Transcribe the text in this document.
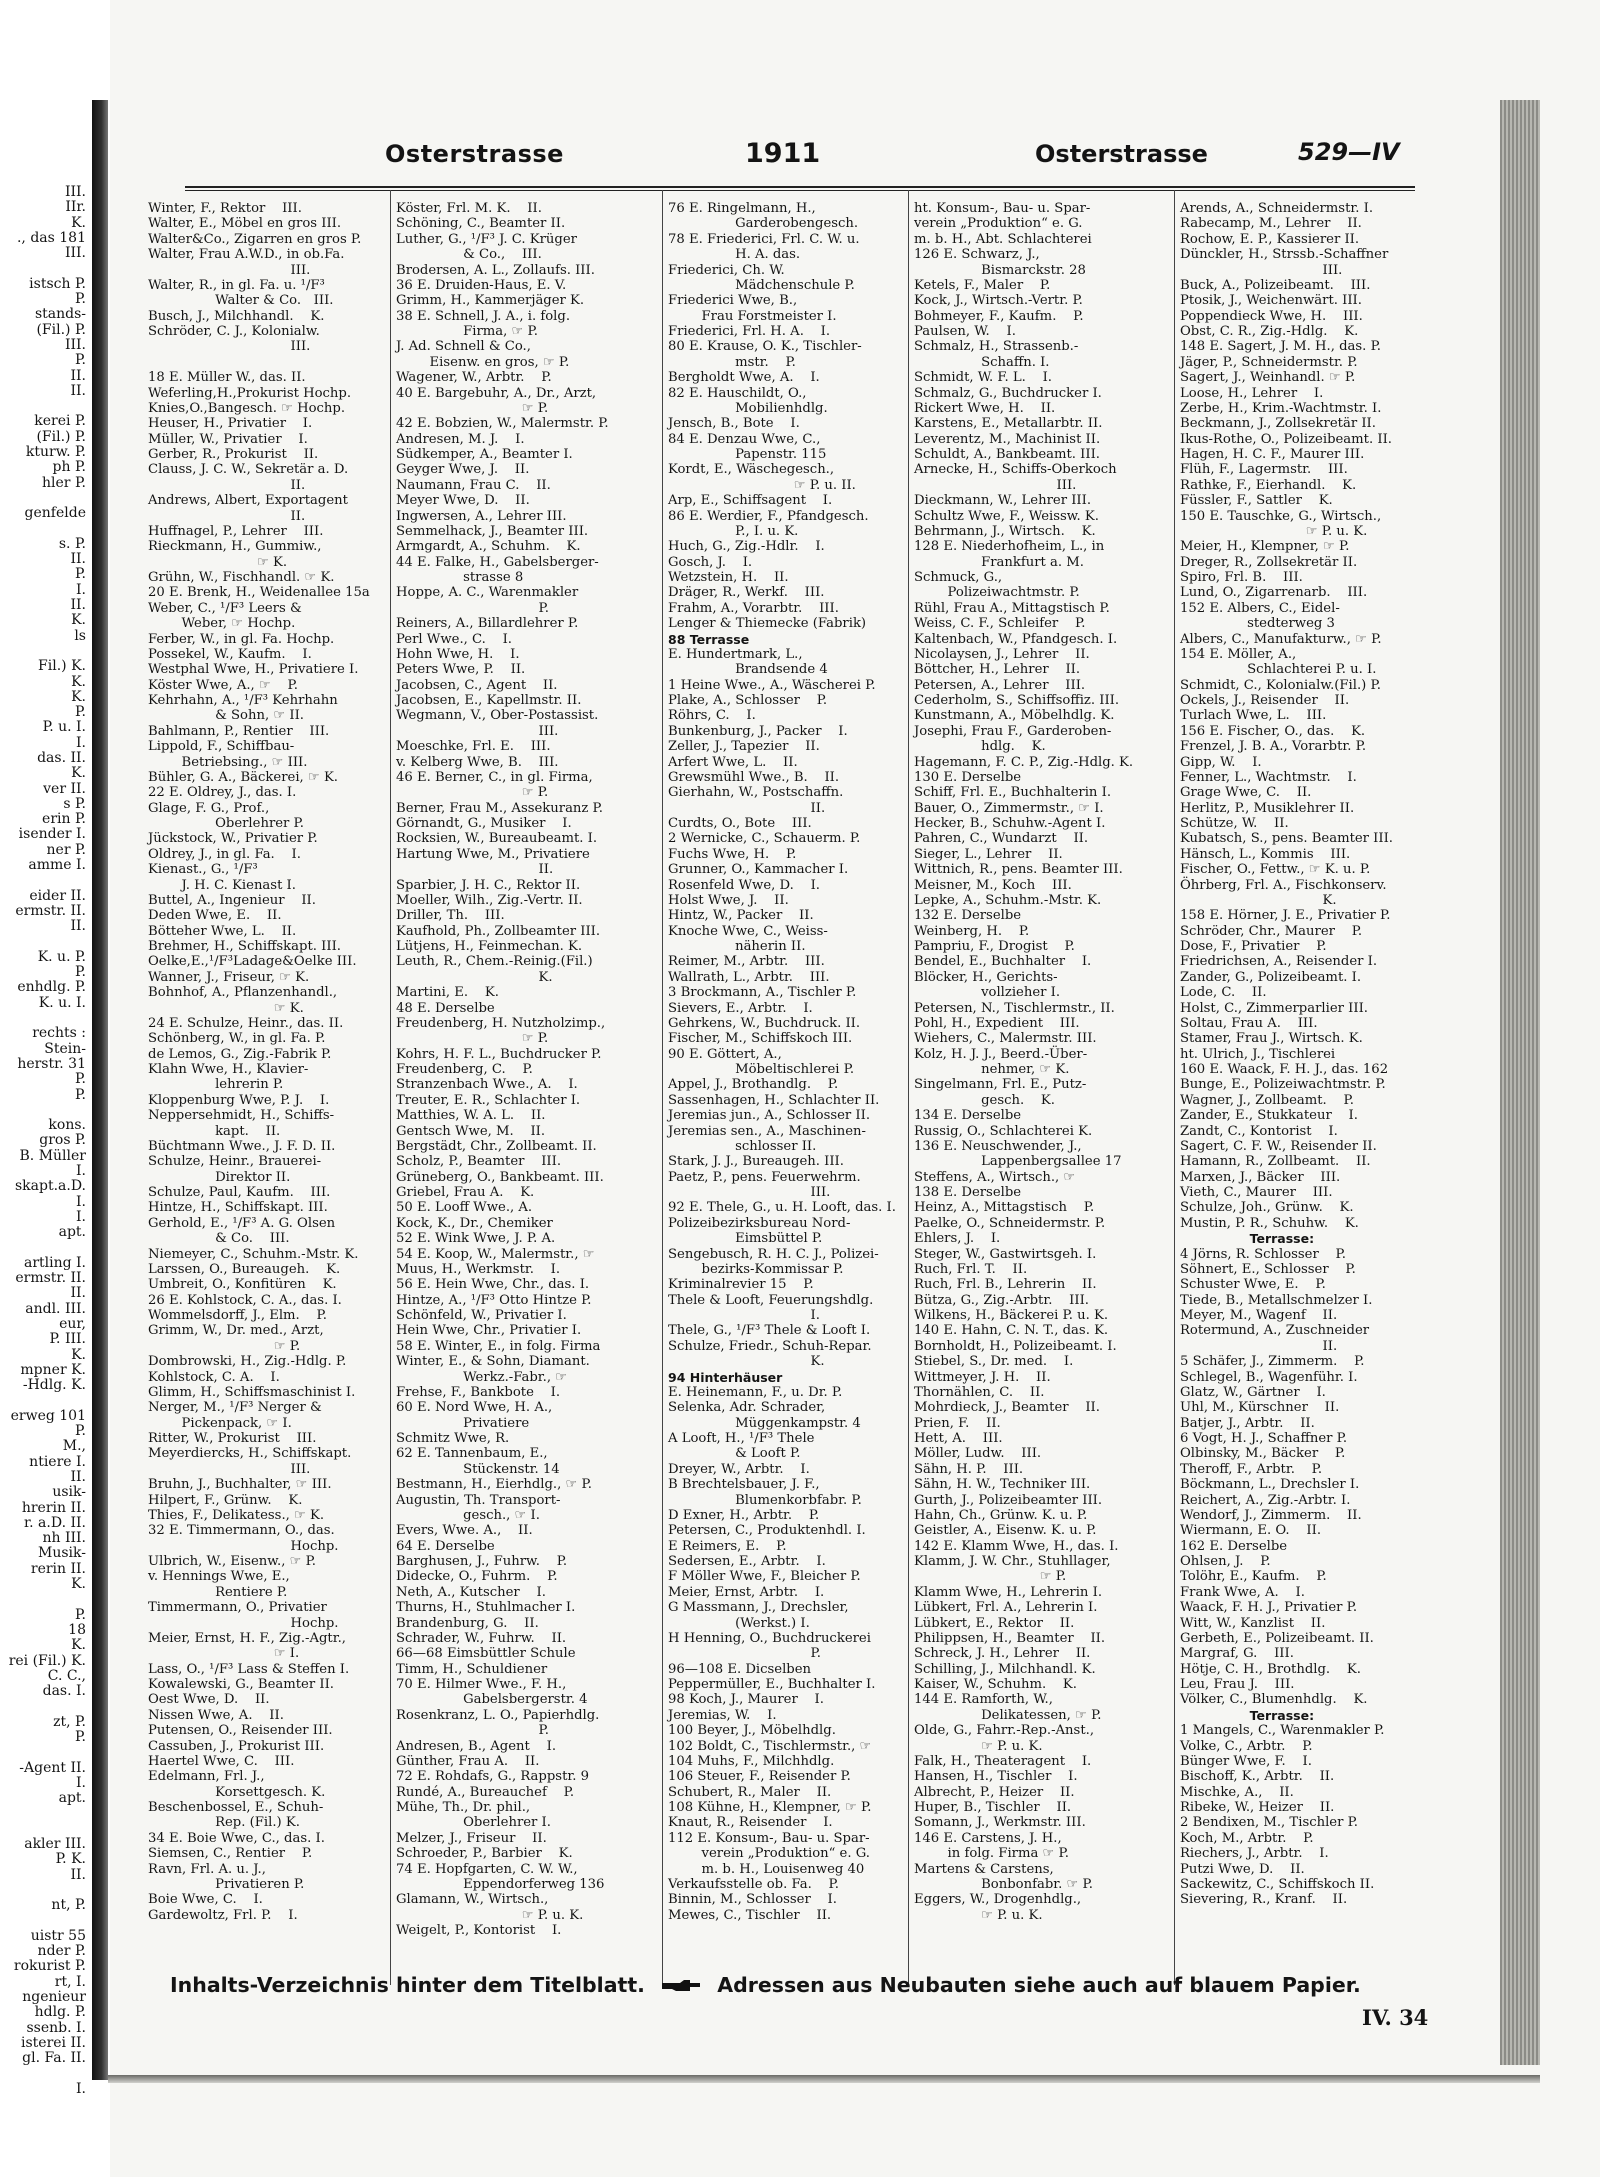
III.
IIr.
K.
., das 181
III.

istsch P.
P.
stands-
(Fil.) P.
III.
P.
II.
II.

kerei P.
(Fil.) P.
kturw. P.
ph P.
hler P.

genfelde

s. P.
II.
P.
I.
II.
K.
ls

Fil.) K.
K.
K.
P.
P. u. I.
I.
das. II.
K.
ver II.
s P.
erin P.
isender I.
ner P.
amme I.

eider II.
ermstr. II.
II.

K. u. P.
P.
enhdlg. P.
K. u. I.

rechts :
Stein-
herstr. 31
P.
P.

kons.
gros P.
B. Müller
I.
skapt.a.D.
I.
I.
apt.

artling I.
ermstr. II.
II.
andl. III.
eur,
P. III.
K.
mpner K.
-Hdlg. K.

erweg 101
P.
M.,
ntiere I.
II.
usik-
hrerin II.
r. a.D. II.
nh III.
Musik-
rerin II.
K.

P.
18
K.
rei (Fil.) K.
C. C.,
das. I.

zt, P.
P.

-Agent II.
I.
apt.

akler III.
P. K.
II.

nt, P.

uistr 55
nder P.
rokurist P.
rt, I.
ngenieur
hdlg. P.
ssenb. I.
isterei II.
gl. Fa. II.

I.
Osterstrasse	1911	Osterstrasse	529—IV
Winter, F., Rektor    III.
Walter, E., Möbel en gros III.
Walter&Co., Zigarren en gros P.
Walter, Frau A.W.D., in ob.Fa.
III.
Walter, R., in gl. Fa. u. ¹/F³
Walter & Co.   III.
Busch, J., Milchhandl.    K.
Schröder, C. J., Kolonialw.
III.

18 E. Müller W., das. II.
Weferling,H.,Prokurist Hochp.
Knies,O.,Bangesch. ☞ Hochp.
Heuser, H., Privatier    I.
Müller, W., Privatier    I.
Gerber, R., Prokurist    II.
Clauss, J. C. W., Sekretär a. D.
II.
Andrews, Albert, Exportagent
II.
Huffnagel, P., Lehrer    III.
Rieckmann, H., Gummiw.,
☞ K.
Grühn, W., Fischhandl. ☞ K.
20 E. Brenk, H., Weidenallee 15a
Weber, C., ¹/F³ Leers &
Weber, ☞ Hochp.
Ferber, W., in gl. Fa. Hochp.
Possekel, W., Kaufm.    I.
Westphal Wwe, H., Privatiere I.
Köster Wwe, A., ☞    P.
Kehrhahn, A., ¹/F³ Kehrhahn
& Sohn, ☞ II.
Bahlmann, P., Rentier    III.
Lippold, F., Schiffbau-
Betriebsing., ☞ III.
Bühler, G. A., Bäckerei, ☞ K.
22 E. Oldrey, J., das. I.
Glage, F. G., Prof.,
Oberlehrer P.
Jückstock, W., Privatier P.
Oldrey, J., in gl. Fa.    I.
Kienast., G., ¹/F³
J. H. C. Kienast I.
Buttel, A., Ingenieur    II.
Deden Wwe, E.    II.
Bötteher Wwe, L.    II.
Brehmer, H., Schiffskapt. III.
Oelke,E.,¹/F³Ladage&Oelke III.
Wanner, J., Friseur, ☞ K.
Bohnhof, A., Pflanzenhandl.,
☞ K.
24 E. Schulze, Heinr., das. II.
Schönberg, W., in gl. Fa. P.
de Lemos, G., Zig.-Fabrik P.
Klahn Wwe, H., Klavier-
lehrerin P.
Kloppenburg Wwe, P. J.    I.
Neppersehmidt, H., Schiffs-
kapt.    II.
Büchtmann Wwe., J. F. D. II.
Schulze, Heinr., Brauerei-
Direktor II.
Schulze, Paul, Kaufm.    III.
Hintze, H., Schiffskapt. III.
Gerhold, E., ¹/F³ A. G. Olsen
& Co.    III.
Niemeyer, C., Schuhm.-Mstr. K.
Larssen, O., Bureaugeh.    K.
Umbreit, O., Konfitüren    K.
26 E. Kohlstock, C. A., das. I.
Wommelsdorff, J., Elm.    P.
Grimm, W., Dr. med., Arzt,
☞ P.
Dombrowski, H., Zig.-Hdlg. P.
Kohlstock, C. A.    I.
Glimm, H., Schiffsmaschinist I.
Nerger, M., ¹/F³ Nerger &
Pickenpack, ☞ I.
Ritter, W., Prokurist    III.
Meyerdiercks, H., Schiffskapt.
III.
Bruhn, J., Buchhalter, ☞ III.
Hilpert, F., Grünw.    K.
Thies, F., Delikatess., ☞ K.
32 E. Timmermann, O., das.
Hochp.
Ulbrich, W., Eisenw., ☞ P.
v. Hennings Wwe, E.,
Rentiere P.
Timmermann, O., Privatier
Hochp.
Meier, Ernst, H. F., Zig.-Agtr.,
☞ I.
Lass, O., ¹/F³ Lass & Steffen I.
Kowalewski, G., Beamter II.
Oest Wwe, D.    II.
Nissen Wwe, A.    II.
Putensen, O., Reisender III.
Cassuben, J., Prokurist III.
Haertel Wwe, C.    III.
Edelmann, Frl. J.,
Korsettgesch. K.
Beschenbossel, E., Schuh-
Rep. (Fil.) K.
34 E. Boie Wwe, C., das. I.
Siemsen, C., Rentier    P.
Ravn, Frl. A. u. J.,
Privatieren P.
Boie Wwe, C.    I.
Gardewoltz, Frl. P.    I.
Köster, Frl. M. K.    II.
Schöning, C., Beamter II.
Luther, G., ¹/F³ J. C. Krüger
& Co.,    III.
Brodersen, A. L., Zollaufs. III.
36 E. Druiden-Haus, E. V.
Grimm, H., Kammerjäger K.
38 E. Schnell, J. A., i. folg.
Firma, ☞ P.
J. Ad. Schnell & Co.,
Eisenw. en gros, ☞ P.
Wagener, W., Arbtr.    P.
40 E. Bargebuhr, A., Dr., Arzt,
☞ P.
42 E. Bobzien, W., Malermstr. P.
Andresen, M. J.    I.
Südkemper, A., Beamter I.
Geyger Wwe, J.    II.
Naumann, Frau C.    II.
Meyer Wwe, D.    II.
Ingwersen, A., Lehrer III.
Semmelhack, J., Beamter III.
Armgardt, A., Schuhm.    K.
44 E. Falke, H., Gabelsberger-
strasse 8
Hoppe, A. C., Warenmakler
P.
Reiners, A., Billardlehrer P.
Perl Wwe., C.    I.
Hohn Wwe, H.    I.
Peters Wwe, P.    II.
Jacobsen, C., Agent    II.
Jacobsen, E., Kapellmstr. II.
Wegmann, V., Ober-Postassist.
III.
Moeschke, Frl. E.    III.
v. Kelberg Wwe, B.    III.
46 E. Berner, C., in gl. Firma,
☞ P.
Berner, Frau M., Assekuranz P.
Görnandt, G., Musiker    I.
Rocksien, W., Bureaubeamt. I.
Hartung Wwe, M., Privatiere
II.
Sparbier, J. H. C., Rektor II.
Moeller, Wilh., Zig.-Vertr. II.
Driller, Th.    III.
Kaufhold, Ph., Zollbeamter III.
Lütjens, H., Feinmechan. K.
Leuth, R., Chem.-Reinig.(Fil.)
K.
Martini, E.    K.
48 E. Derselbe
Freudenberg, H. Nutzholzimp.,
☞ P.
Kohrs, H. F. L., Buchdrucker P.
Freudenberg, C.    P.
Stranzenbach Wwe., A.    I.
Treuter, E. R., Schlachter I.
Matthies, W. A. L.    II.
Gentsch Wwe, M.    II.
Bergstädt, Chr., Zollbeamt. II.
Scholz, P., Beamter    III.
Grüneberg, O., Bankbeamt. III.
Griebel, Frau A.    K.
50 E. Looff Wwe., A.
Kock, K., Dr., Chemiker
52 E. Wink Wwe, J. P. A.
54 E. Koop, W., Malermstr., ☞
Muus, H., Werkmstr.    I.
56 E. Hein Wwe, Chr., das. I.
Hintze, A., ¹/F³ Otto Hintze P.
Schönfeld, W., Privatier I.
Hein Wwe, Chr., Privatier I.
58 E. Winter, E., in folg. Firma
Winter, E., & Sohn, Diamant.
Werkz.-Fabr., ☞
Frehse, F., Bankbote    I.
60 E. Nord Wwe, H. A.,
Privatiere
Schmitz Wwe, R.
62 E. Tannenbaum, E.,
Stückenstr. 14
Bestmann, H., Eierhdlg., ☞ P.
Augustin, Th. Transport-
gesch., ☞ I.
Evers, Wwe. A.,    II.
64 E. Derselbe
Barghusen, J., Fuhrw.    P.
Didecke, O., Fuhrm.    P.
Neth, A., Kutscher    I.
Thurns, H., Stuhlmacher I.
Brandenburg, G.    II.
Schrader, W., Fuhrw.    II.
66—68 Eimsbüttler Schule
Timm, H., Schuldiener
70 E. Hilmer Wwe., F. H.,
Gabelsbergerstr. 4
Rosenkranz, L. O., Papierhdlg.
P.
Andresen, B., Agent    I.
Günther, Frau A.    II.
72 E. Rohdafs, G., Rappstr. 9
Rundé, A., Bureauchef    P.
Mühe, Th., Dr. phil.,
Oberlehrer I.
Melzer, J., Friseur    II.
Schroeder, P., Barbier    K.
74 E. Hopfgarten, C. W. W.,
Eppendorferweg 136
Glamann, W., Wirtsch.,
☞ P. u. K.
Weigelt, P., Kontorist    I.
76 E. Ringelmann, H.,
Garderobengesch.
78 E. Friederici, Frl. C. W. u.
H. A. das.
Friederici, Ch. W.
Mädchenschule P.
Friederici Wwe, B.,
Frau Forstmeister I.
Friederici, Frl. H. A.    I.
80 E. Krause, O. K., Tischler-
mstr.    P.
Bergholdt Wwe, A.    I.
82 E. Hauschildt, O.,
Mobilienhdlg.
Jensch, B., Bote    I.
84 E. Denzau Wwe, C.,
Papenstr. 115
Kordt, E., Wäschegesch.,
☞ P. u. II.
Arp, E., Schiffsagent    I.
86 E. Werdier, F., Pfandgesch.
P., I. u. K.
Huch, G., Zig.-Hdlr.    I.
Gosch, J.    I.
Wetzstein, H.    II.
Dräger, R., Werkf.    III.
Frahm, A., Vorarbtr.    III.
Lenger & Thiemecke (Fabrik)
88 Terrasse
E. Hundertmark, L.,
Brandsende 4
1 Heine Wwe., A., Wäscherei P.
Plake, A., Schlosser    P.
Röhrs, C.    I.
Bunkenburg, J., Packer    I.
Zeller, J., Tapezier    II.
Arfert Wwe, L.    II.
Grewsmühl Wwe., B.    II.
Gierhahn, W., Postschaffn.
II.
Curdts, O., Bote    III.
2 Wernicke, C., Schauerm. P.
Fuchs Wwe, H.    P.
Grunner, O., Kammacher I.
Rosenfeld Wwe, D.    I.
Holst Wwe, J.    II.
Hintz, W., Packer    II.
Knoche Wwe, C., Weiss-
näherin II.
Reimer, M., Arbtr.    III.
Wallrath, L., Arbtr.    III.
3 Brockmann, A., Tischler P.
Sievers, E., Arbtr.    I.
Gehrkens, W., Buchdruck. II.
Fischer, M., Schiffskoch III.
90 E. Göttert, A.,
Möbeltischlerei P.
Appel, J., Brothandlg.    P.
Sassenhagen, H., Schlachter II.
Jeremias jun., A., Schlosser II.
Jeremias sen., A., Maschinen-
schlosser II.
Stark, J. J., Bureaugeh. III.
Paetz, P., pens. Feuerwehrm.
III.
92 E. Thele, G., u. H. Looft, das. I.
Polizeibezirksbureau Nord-
Eimsbüttel P.
Sengebusch, R. H. C. J., Polizei-
bezirks-Kommissar P.
Kriminalrevier 15    P.
Thele & Looft, Feuerungshdlg.
I.
Thele, G., ¹/F³ Thele & Looft I.
Schulze, Friedr., Schuh-Repar.
K.
94 Hinterhäuser
E. Heinemann, F., u. Dr. P.
Selenka, Adr. Schrader,
Müggenkampstr. 4
A Looft, H., ¹/F³ Thele
& Looft P.
Dreyer, W., Arbtr.    I.
B Brechtelsbauer, J. F.,
Blumenkorbfabr. P.
D Exner, H., Arbtr.    P.
Petersen, C., Produktenhdl. I.
E Reimers, E.    P.
Sedersen, E., Arbtr.    I.
F Möller Wwe, F., Bleicher P.
Meier, Ernst, Arbtr.    I.
G Massmann, J., Drechsler,
(Werkst.) I.
H Henning, O., Buchdruckerei
P.
96—108 E. Dicselben
Peppermüller, E., Buchhalter I.
98 Koch, J., Maurer    I.
Jeremias, W.    I.
100 Beyer, J., Möbelhdlg.
102 Boldt, C., Tischlermstr., ☞
104 Muhs, F., Milchhdlg.
106 Steuer, F., Reisender P.
Schubert, R., Maler    II.
108 Kühne, H., Klempner, ☞ P.
Knaut, R., Reisender    I.
112 E. Konsum-, Bau- u. Spar-
verein „Produktion“ e. G.
m. b. H., Louisenweg 40
Verkaufsstelle ob. Fa.    P.
Binnin, M., Schlosser    I.
Mewes, C., Tischler    II.
ht. Konsum-, Bau- u. Spar-
verein „Produktion“ e. G.
m. b. H., Abt. Schlachterei
126 E. Schwarz, J.,
Bismarckstr. 28
Ketels, F., Maler    P.
Kock, J., Wirtsch.-Vertr. P.
Bohmeyer, F., Kaufm.    P.
Paulsen, W.    I.
Schmalz, H., Strassenb.-
Schaffn. I.
Schmidt, W. F. L.    I.
Schmalz, G., Buchdrucker I.
Rickert Wwe, H.    II.
Karstens, E., Metallarbtr. II.
Leverentz, M., Machinist II.
Schuldt, A., Bankbeamt. III.
Arnecke, H., Schiffs-Oberkoch
III.
Dieckmann, W., Lehrer III.
Schultz Wwe, F., Weissw. K.
Behrmann, J., Wirtsch.    K.
128 E. Niederhofheim, L., in
Frankfurt a. M.
Schmuck, G.,
Polizeiwachtmstr. P.
Rühl, Frau A., Mittagstisch P.
Weiss, C. F., Schleifer    P.
Kaltenbach, W., Pfandgesch. I.
Nicolaysen, J., Lehrer    II.
Böttcher, H., Lehrer    II.
Petersen, A., Lehrer    III.
Cederholm, S., Schiffsoffiz. III.
Kunstmann, A., Möbelhdlg. K.
Josephi, Frau F., Garderoben-
hdlg.    K.
Hagemann, F. C. P., Zig.-Hdlg. K.
130 E. Derselbe
Schiff, Frl. E., Buchhalterin I.
Bauer, O., Zimmermstr., ☞ I.
Hecker, B., Schuhw.-Agent I.
Pahren, C., Wundarzt    II.
Sieger, L., Lehrer    II.
Wittnich, R., pens. Beamter III.
Meisner, M., Koch    III.
Lepke, A., Schuhm.-Mstr. K.
132 E. Derselbe
Weinberg, H.    P.
Pampriu, F., Drogist    P.
Bendel, E., Buchhalter    I.
Blöcker, H., Gerichts-
vollzieher I.
Petersen, N., Tischlermstr., II.
Pohl, H., Expedient    III.
Wiehers, C., Malermstr. III.
Kolz, H. J. J., Beerd.-Über-
nehmer, ☞ K.
Singelmann, Frl. E., Putz-
gesch.    K.
134 E. Derselbe
Russig, O., Schlachterei K.
136 E. Neuschwender, J.,
Lappenbergsallee 17
Steffens, A., Wirtsch., ☞
138 E. Derselbe
Heinz, A., Mittagstisch    P.
Paelke, O., Schneidermstr. P.
Ehlers, J.    I.
Steger, W., Gastwirtsgeh. I.
Ruch, Frl. T.    II.
Ruch, Frl. B., Lehrerin    II.
Bütza, G., Zig.-Arbtr.    III.
Wilkens, H., Bäckerei P. u. K.
140 E. Hahn, C. N. T., das. K.
Bornholdt, H., Polizeibeamt. I.
Stiebel, S., Dr. med.    I.
Wittmeyer, J. H.    II.
Thornählen, C.    II.
Mohrdieck, J., Beamter    II.
Prien, F.    II.
Hett, A.    III.
Möller, Ludw.    III.
Sähn, H. P.    III.
Sähn, H. W., Techniker III.
Gurth, J., Polizeibeamter III.
Hahn, Ch., Grünw. K. u. P.
Geistler, A., Eisenw. K. u. P.
142 E. Klamm Wwe, H., das. I.
Klamm, J. W. Chr., Stuhllager,
☞ P.
Klamm Wwe, H., Lehrerin I.
Lübkert, Frl. A., Lehrerin I.
Lübkert, E., Rektor    II.
Philippsen, H., Beamter    II.
Schreck, J. H., Lehrer    II.
Schilling, J., Milchhandl. K.
Kaiser, W., Schuhm.    K.
144 E. Ramforth, W.,
Delikatessen, ☞ P.
Olde, G., Fahrr.-Rep.-Anst.,
☞ P. u. K.
Falk, H., Theateragent    I.
Hansen, H., Tischler    I.
Albrecht, P., Heizer    II.
Huper, B., Tischler    II.
Somann, J., Werkmstr. III.
146 E. Carstens, J. H.,
in folg. Firma ☞ P.
Martens & Carstens,
Bonbonfabr. ☞ P.
Eggers, W., Drogenhdlg.,
☞ P. u. K.
Arends, A., Schneidermstr. I.
Rabecamp, M., Lehrer    II.
Rochow, E. P., Kassierer II.
Dünckler, H., Strssb.-Schaffner
III.
Buck, A., Polizeibeamt.    III.
Ptosik, J., Weichenwärt. III.
Poppendieck Wwe, H.    III.
Obst, C. R., Zig.-Hdlg.    K.
148 E. Sagert, J. M. H., das. P.
Jäger, P., Schneidermstr. P.
Sagert, J., Weinhandl. ☞ P.
Loose, H., Lehrer    I.
Zerbe, H., Krim.-Wachtmstr. I.
Beckmann, J., Zollsekretär II.
Ikus-Rothe, O., Polizeibeamt. II.
Hagen, H. C. F., Maurer III.
Flüh, F., Lagermstr.    III.
Rathke, F., Eierhandl.    K.
Füssler, F., Sattler    K.
150 E. Tauschke, G., Wirtsch.,
☞ P. u. K.
Meier, H., Klempner, ☞ P.
Dreger, R., Zollsekretär II.
Spiro, Frl. B.    III.
Lund, O., Zigarrenarb.    III.
152 E. Albers, C., Eidel-
stedterweg 3
Albers, C., Manufakturw., ☞ P.
154 E. Möller, A.,
Schlachterei P. u. I.
Schmidt, C., Kolonialw.(Fil.) P.
Ockels, J., Reisender    II.
Turlach Wwe, L.    III.
156 E. Fischer, O., das.    K.
Frenzel, J. B. A., Vorarbtr. P.
Gipp, W.    I.
Fenner, L., Wachtmstr.    I.
Grage Wwe, C.    II.
Herlitz, P., Musiklehrer II.
Schütze, W.    II.
Kubatsch, S., pens. Beamter III.
Hänsch, L., Kommis    III.
Fischer, O., Fettw., ☞ K. u. P.
Öhrberg, Frl. A., Fischkonserv.
K.
158 E. Hörner, J. E., Privatier P.
Schröder, Chr., Maurer    P.
Dose, F., Privatier    P.
Friedrichsen, A., Reisender I.
Zander, G., Polizeibeamt. I.
Lode, C.    II.
Holst, C., Zimmerparlier III.
Soltau, Frau A.    III.
Stamer, Frau J., Wirtsch. K.
ht. Ulrich, J., Tischlerei
160 E. Waack, F. H. J., das. 162
Bunge, E., Polizeiwachtmstr. P.
Wagner, J., Zollbeamt.    P.
Zander, E., Stukkateur    I.
Zandt, C., Kontorist    I.
Sagert, C. F. W., Reisender II.
Hamann, R., Zollbeamt.    II.
Marxen, J., Bäcker    III.
Vieth, C., Maurer    III.
Schulze, Joh., Grünw.    K.
Mustin, P. R., Schuhw.    K.
Terrasse:
4 Jörns, R. Schlosser    P.
Söhnert, E., Schlosser    P.
Schuster Wwe, E.    P.
Tiede, B., Metallschmelzer I.
Meyer, M., Wagenf    II.
Rotermund, A., Zuschneider
II.
5 Schäfer, J., Zimmerm.    P.
Schlegel, B., Wagenführ. I.
Glatz, W., Gärtner    I.
Uhl, M., Kürschner    II.
Batjer, J., Arbtr.    II.
6 Vogt, H. J., Schaffner P.
Olbinsky, M., Bäcker    P.
Theroff, F., Arbtr.    P.
Böckmann, L., Drechsler I.
Reichert, A., Zig.-Arbtr. I.
Wendorf, J., Zimmerm.    II.
Wiermann, E. O.    II.
162 E. Derselbe
Ohlsen, J.    P.
Tolöhr, E., Kaufm.    P.
Frank Wwe, A.    I.
Waack, F. H. J., Privatier P.
Witt, W., Kanzlist    II.
Gerbeth, E., Polizeibeamt. II.
Margraf, G.    III.
Hötje, C. H., Brothdlg.    K.
Leu, Frau J.    III.
Völker, C., Blumenhdlg.    K.
Terrasse:
1 Mangels, C., Warenmakler P.
Volke, C., Arbtr.    P.
Bünger Wwe, F.    I.
Bischoff, K., Arbtr.    II.
Mischke, A.,    II.
Ribeke, W., Heizer    II.
2 Bendixen, M., Tischler P.
Koch, M., Arbtr.    P.
Riechers, J., Arbtr.    I.
Putzi Wwe, D.    II.
Sackewitz, C., Schiffskoch II.
Sievering, R., Kranf.    II.
Inhalts-Verzeichnis hinter dem Titelblatt.	Adressen aus Neubauten siehe auch auf blauem Papier.
IV. 34
